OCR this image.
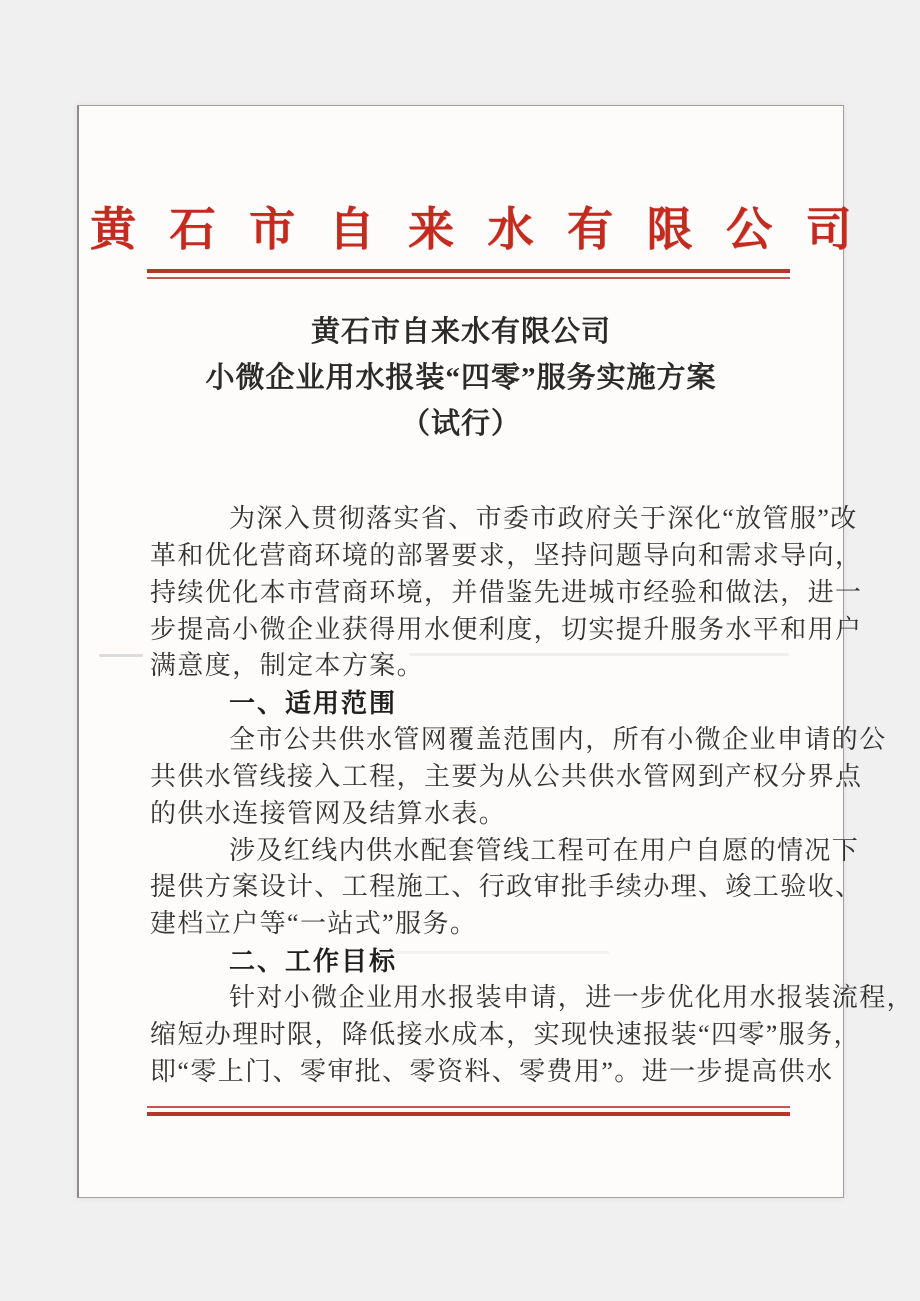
黄 石 市 自 来 水 有 限 公 司
黄石市自来水有限公司
小微企业用水报装“四零”服务实施方案
（试行）
为深入贯彻落实省、市委市政府关于深化“放管服”改
革和优化营商环境的部署要求，坚持问题导向和需求导向，
持续优化本市营商环境，并借鉴先进城市经验和做法，进一
步提高小微企业获得用水便利度，切实提升服务水平和用户
满意度，制定本方案。
一、适用范围
全市公共供水管网覆盖范围内，所有小微企业申请的公
共供水管线接入工程，主要为从公共供水管网到产权分界点
的供水连接管网及结算水表。
涉及红线内供水配套管线工程可在用户自愿的情况下
提供方案设计、工程施工、行政审批手续办理、竣工验收、
建档立户等“一站式”服务。
二、工作目标
针对小微企业用水报装申请，进一步优化用水报装流程，
缩短办理时限，降低接水成本，实现快速报装“四零”服务，
即“零上门、零审批、零资料、零费用”。进一步提高供水
